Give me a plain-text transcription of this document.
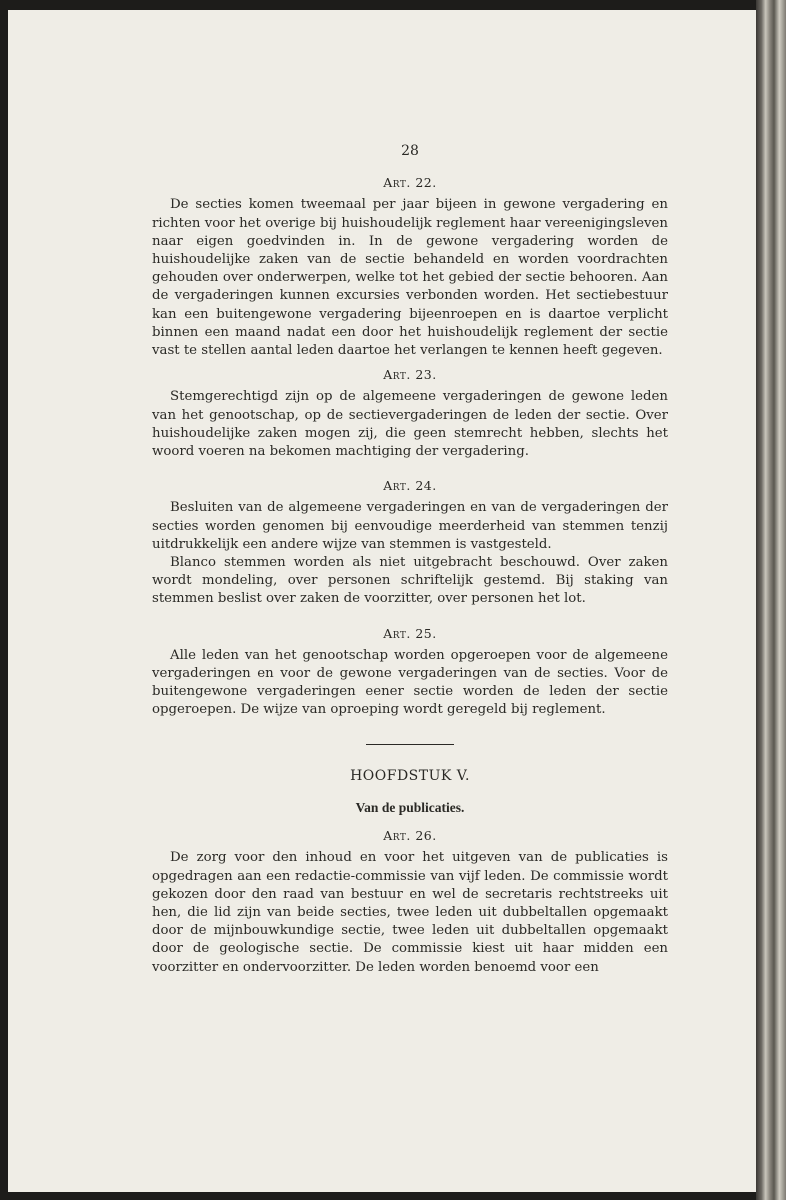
28
Art. 22.

De secties komen tweemaal per jaar bijeen in gewone vergadering en richten voor het overige bij huishoudelijk reglement haar vereenigingsleven naar eigen goedvinden in. In de gewone vergadering worden de huishoudelijke zaken van de sectie behandeld en worden voordrachten gehouden over onderwerpen, welke tot het gebied der sectie behooren. Aan de vergaderingen kunnen excursies verbonden worden. Het sectiebestuur kan een buitengewone vergadering bijeenroepen en is daartoe verplicht binnen een maand nadat een door het huishoudelijk reglement der sectie vast te stellen aantal leden daartoe het verlangen te kennen heeft gegeven.

Art. 23.

Stemgerechtigd zijn op de algemeene vergaderingen de gewone leden van het genootschap, op de sectievergaderingen de leden der sectie. Over huishoudelijke zaken mogen zij, die geen stemrecht hebben, slechts het woord voeren na bekomen machtiging der vergadering.

Art. 24.

Besluiten van de algemeene vergaderingen en van de vergaderingen der secties worden genomen bij eenvoudige meerderheid van stemmen tenzij uitdrukkelijk een andere wijze van stemmen is vastgesteld.

Blanco stemmen worden als niet uitgebracht beschouwd. Over zaken wordt mondeling, over personen schriftelijk gestemd. Bij staking van stemmen beslist over zaken de voorzitter, over personen het lot.

Art. 25.

Alle leden van het genootschap worden opgeroepen voor de algemeene vergaderingen en voor de gewone vergaderingen van de secties. Voor de buitengewone vergaderingen eener sectie worden de leden der sectie opgeroepen. De wijze van oproeping wordt geregeld bij reglement.

HOOFDSTUK V.
Van de publicaties.
Art. 26.

De zorg voor den inhoud en voor het uitgeven van de publicaties is opgedragen aan een redactie-commissie van vijf leden. De commissie wordt gekozen door den raad van bestuur en wel de secretaris rechtstreeks uit hen, die lid zijn van beide secties, twee leden uit dubbeltallen opgemaakt door de mijnbouwkundige sectie, twee leden uit dubbeltallen opgemaakt door de geologische sectie. De commissie kiest uit haar midden een voorzitter en ondervoorzitter. De leden worden benoemd voor een
